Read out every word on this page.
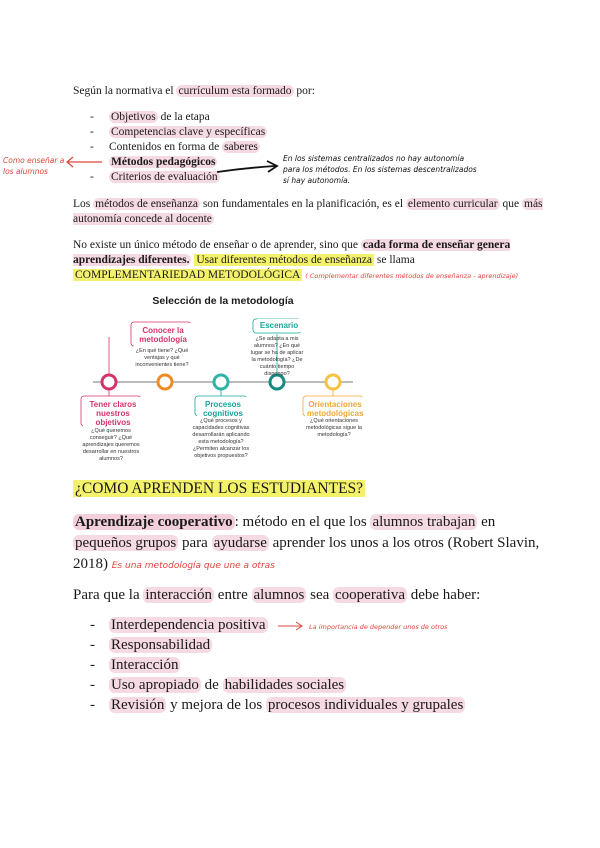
Según la normativa el currículum esta formado por:
- Objetivos de la etapa
- Competencias clave y específicas
- Contenidos en forma de saberes
- Métodos pedagógicos
- Criterios de evaluación
Como enseñar a los alumnos
En los sistemas centralizados no hay autonomía para los métodos. En los sistemas descentralizados sí hay autonomía.
Los métodos de enseñanza son fundamentales en la planificación, es el elemento curricular que más autonomía concede al docente
No existe un único método de enseñar o de aprender, sino que cada forma de enseñar genera aprendizajes diferentes. Usar diferentes métodos de enseñanza se llama COMPLEMENTARIEDAD METODOLÓGICA ( Complementar diferentes métodos de enseñanza - aprendizaje)
Selección de la metodología
Conocer la metodología
¿En qué tiene? ¿Qué ventajas y qué inconvenientes tiene?
Tener claros nuestros objetivos
¿Qué queremos conseguir? ¿Qué aprendizajes queremos desarrollar en nuestros alumnos?
Procesos cognitivos
¿Qué procesos y capacidades cognitivas desarrollarán aplicando esta metodología? ¿Permiten alcanzar los objetivos propuestos?
Escenario
¿Se adapta a mis alumnos? ¿En qué lugar se ha de aplicar la metodología? ¿De cuánto tiempo dispongo?
Orientaciones metodológicas
¿Qué orientaciones metodológicas sigue la metodología?
¿COMO APRENDEN LOS ESTUDIANTES?
Aprendizaje cooperativo : método en el que los alumnos trabajan en pequeños grupos para ayudarse aprender los unos a los otros (Robert Slavin, 2018) Es una metodología que une a otras
Para que la interacción entre alumnos sea cooperativa debe haber:
- Interdependencia positiva	La importancia de depender unos de otros
- Responsabilidad
- Interacción
- Uso apropiado de habilidades sociales
- Revisión y mejora de los procesos individuales y grupales
